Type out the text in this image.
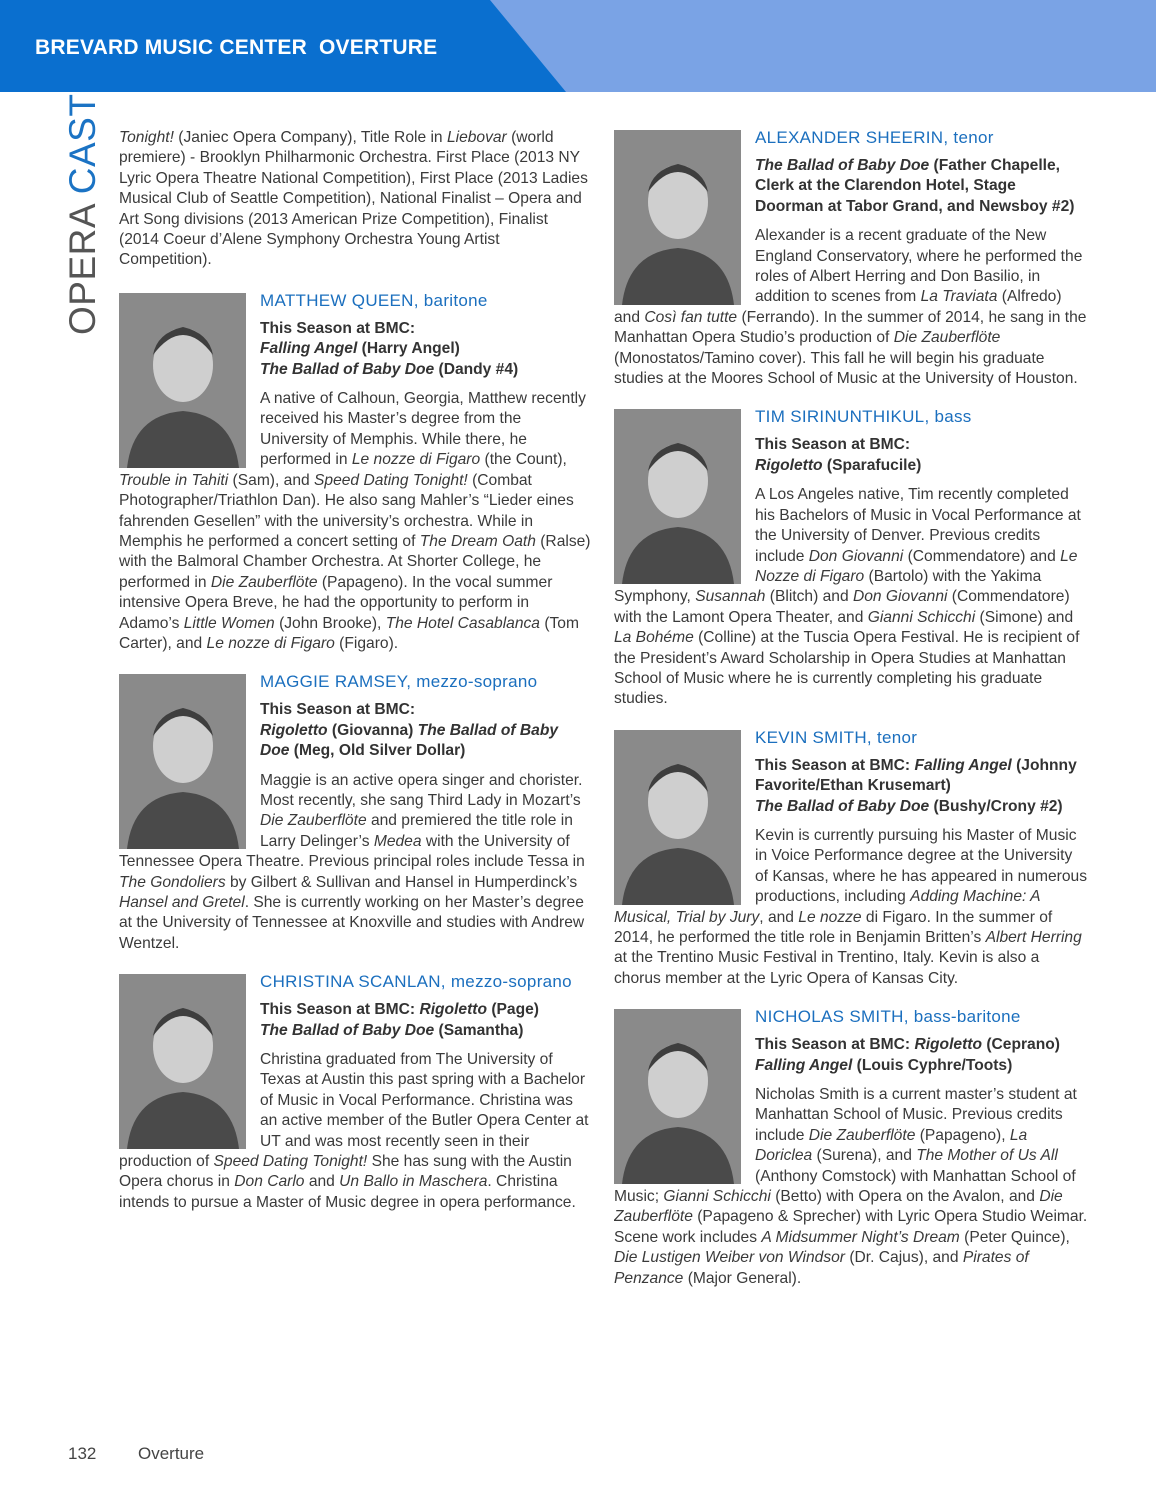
BREVARD MUSIC CENTER  OVERTURE
OPERA CAST	Tonight! (Janiec Opera Company), Title Role in Liebovar (world premiere) - Brooklyn Philharmonic Orchestra. First Place (2013 NY Lyric Opera Theatre National Competition), First Place (2013 Ladies Musical Club of Seattle Competition), National Finalist – Opera and Art Song divisions (2013 American Prize Competition), Finalist (2014 Coeur d’Alene Symphony Orchestra Young Artist Competition).

MATTHEW QUEEN, baritone
This Season at BMC:
Falling Angel (Harry Angel)
The Ballad of Baby Doe (Dandy #4)
A native of Calhoun, Georgia, Matthew recently received his Master’s degree from the University of Memphis. While there, he performed in Le nozze di Figaro (the Count), Trouble in Tahiti (Sam), and Speed Dating Tonight! (Combat Photographer/Triathlon Dan). He also sang Mahler’s “Lieder eines fahrenden Gesellen” with the university’s orchestra. While in Memphis he performed a concert setting of The Dream Oath (Ralse) with the Balmoral Chamber Orchestra. At Shorter College, he performed in Die Zauberflöte (Papageno). In the vocal summer intensive Opera Breve, he had the opportunity to perform in Adamo’s Little Women (John Brooke), The Hotel Casablanca (Tom Carter), and Le nozze di Figaro (Figaro).
MAGGIE RAMSEY, mezzo-soprano
This Season at BMC:
Rigoletto (Giovanna) The Ballad of Baby Doe (Meg, Old Silver Dollar)
Maggie is an active opera singer and chorister. Most recently, she sang Third Lady in Mozart’s Die Zauberflöte and premiered the title role in Larry Delinger’s Medea with the University of Tennessee Opera Theatre. Previous principal roles include Tessa in The Gondoliers by Gilbert & Sullivan and Hansel in Humperdinck’s Hansel and Gretel. She is currently working on her Master’s degree at the University of Tennessee at Knoxville and studies with Andrew Wentzel.
CHRISTINA SCANLAN, mezzo-soprano
This Season at BMC: Rigoletto (Page)
The Ballad of Baby Doe (Samantha)
Christina graduated from The University of Texas at Austin this past spring with a Bachelor of Music in Vocal Performance. Christina was an active member of the Butler Opera Center at UT and was most recently seen in their production of Speed Dating Tonight! She has sung with the Austin Opera chorus in Don Carlo and Un Ballo in Maschera. Christina intends to pursue a Master of Music degree in opera performance.
ALEXANDER SHEERIN, tenor
The Ballad of Baby Doe (Father Chapelle, Clerk at the Clarendon Hotel, Stage Doorman at Tabor Grand, and Newsboy #2)
Alexander is a recent graduate of the New England Conservatory, where he performed the roles of Albert Herring and Don Basilio, in addition to scenes from La Traviata (Alfredo) and Così fan tutte (Ferrando). In the summer of 2014, he sang in the Manhattan Opera Studio’s production of Die Zauberflöte (Monostatos/Tamino cover). This fall he will begin his graduate studies at the Moores School of Music at the University of Houston.
TIM SIRINUNTHIKUL, bass
This Season at BMC:
Rigoletto (Sparafucile)
A Los Angeles native, Tim recently completed his Bachelors of Music in Vocal Performance at the University of Denver. Previous credits include Don Giovanni (Commendatore) and Le Nozze di Figaro (Bartolo) with the Yakima Symphony, Susannah (Blitch) and Don Giovanni (Commendatore) with the Lamont Opera Theater, and Gianni Schicchi (Simone) and La Bohéme (Colline) at the Tuscia Opera Festival. He is recipient of the President’s Award Scholarship in Opera Studies at Manhattan School of Music where he is currently completing his graduate studies.
KEVIN SMITH, tenor
This Season at BMC: Falling Angel (Johnny Favorite/Ethan Krusemart)
The Ballad of Baby Doe (Bushy/Crony #2)
Kevin is currently pursuing his Master of Music in Voice Performance degree at the University of Kansas, where he has appeared in numerous productions, including Adding Machine: A Musical, Trial by Jury, and Le nozze di Figaro. In the summer of 2014, he performed the title role in Benjamin Britten’s Albert Herring at the Trentino Music Festival in Trentino, Italy. Kevin is also a chorus member at the Lyric Opera of Kansas City.
NICHOLAS SMITH, bass-baritone
This Season at BMC: Rigoletto (Ceprano)
Falling Angel (Louis Cyphre/Toots)
Nicholas Smith is a current master’s student at Manhattan School of Music. Previous credits include Die Zauberflöte (Papageno), La Doriclea (Surena), and The Mother of Us All (Anthony Comstock) with Manhattan School of Music; Gianni Schicchi (Betto) with Opera on the Avalon, and Die Zauberflöte (Papageno & Sprecher) with Lyric Opera Studio Weimar. Scene work includes A Midsummer Night’s Dream (Peter Quince), Die Lustigen Weiber von Windsor (Dr. Cajus), and Pirates of Penzance (Major General).
132 Overture
